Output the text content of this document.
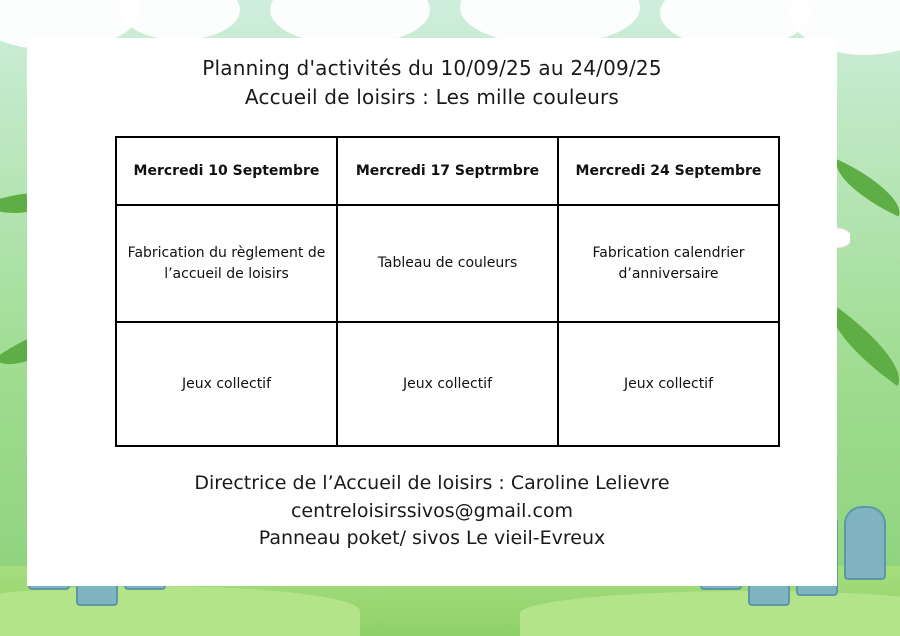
Planning d'activités du 10/09/25 au 24/09/25
Accueil de loisirs : Les mille couleurs
Mercredi 10 Septembre	Mercredi 17 Septrmbre	Mercredi 24 Septembre
Fabrication du règlement de l’accueil de loisirs	Tableau de couleurs	Fabrication calendrier d’anniversaire
Jeux collectif	Jeux collectif	Jeux collectif
Directrice de l’Accueil de loisirs : Caroline Lelievre
centreloisirssivos@gmail.com
Panneau poket/ sivos Le vieil-Evreux
